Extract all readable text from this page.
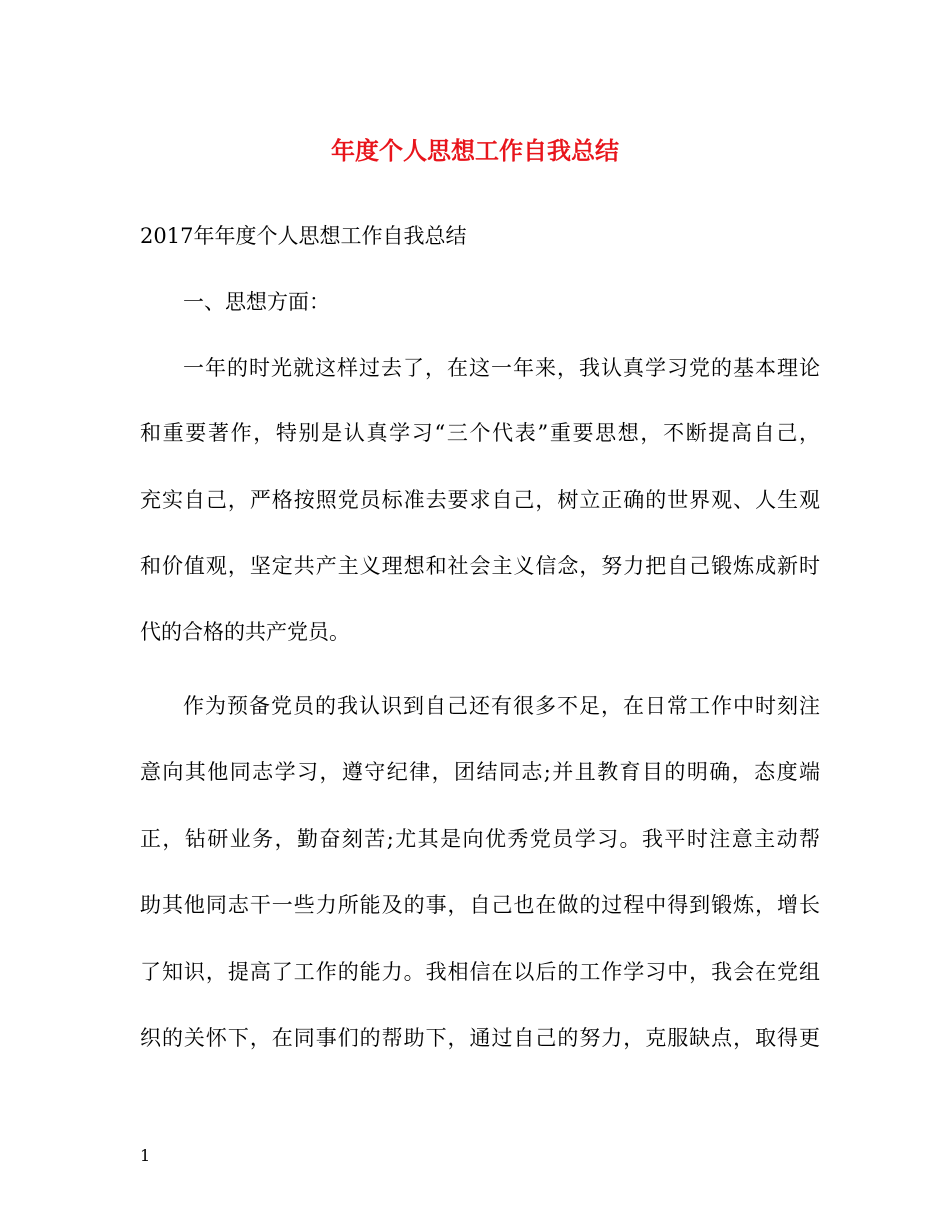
年度个人思想工作自我总结
2017年年度个人思想工作自我总结
一、思想方面：
一年的时光就这样过去了，在这一年来，我认真学习党的基本理论
和重要著作，特别是认真学习“三个代表”重要思想，不断提高自己，
充实自己，严格按照党员标准去要求自己，树立正确的世界观、人生观
和价值观，坚定共产主义理想和社会主义信念，努力把自己锻炼成新时
代的合格的共产党员。
作为预备党员的我认识到自己还有很多不足，在日常工作中时刻注
意向其他同志学习，遵守纪律，团结同志;并且教育目的明确，态度端
正，钻研业务，勤奋刻苦;尤其是向优秀党员学习。我平时注意主动帮
助其他同志干一些力所能及的事，自己也在做的过程中得到锻炼，增长
了知识，提高了工作的能力。我相信在以后的工作学习中，我会在党组
织的关怀下，在同事们的帮助下，通过自己的努力，克服缺点，取得更
1
